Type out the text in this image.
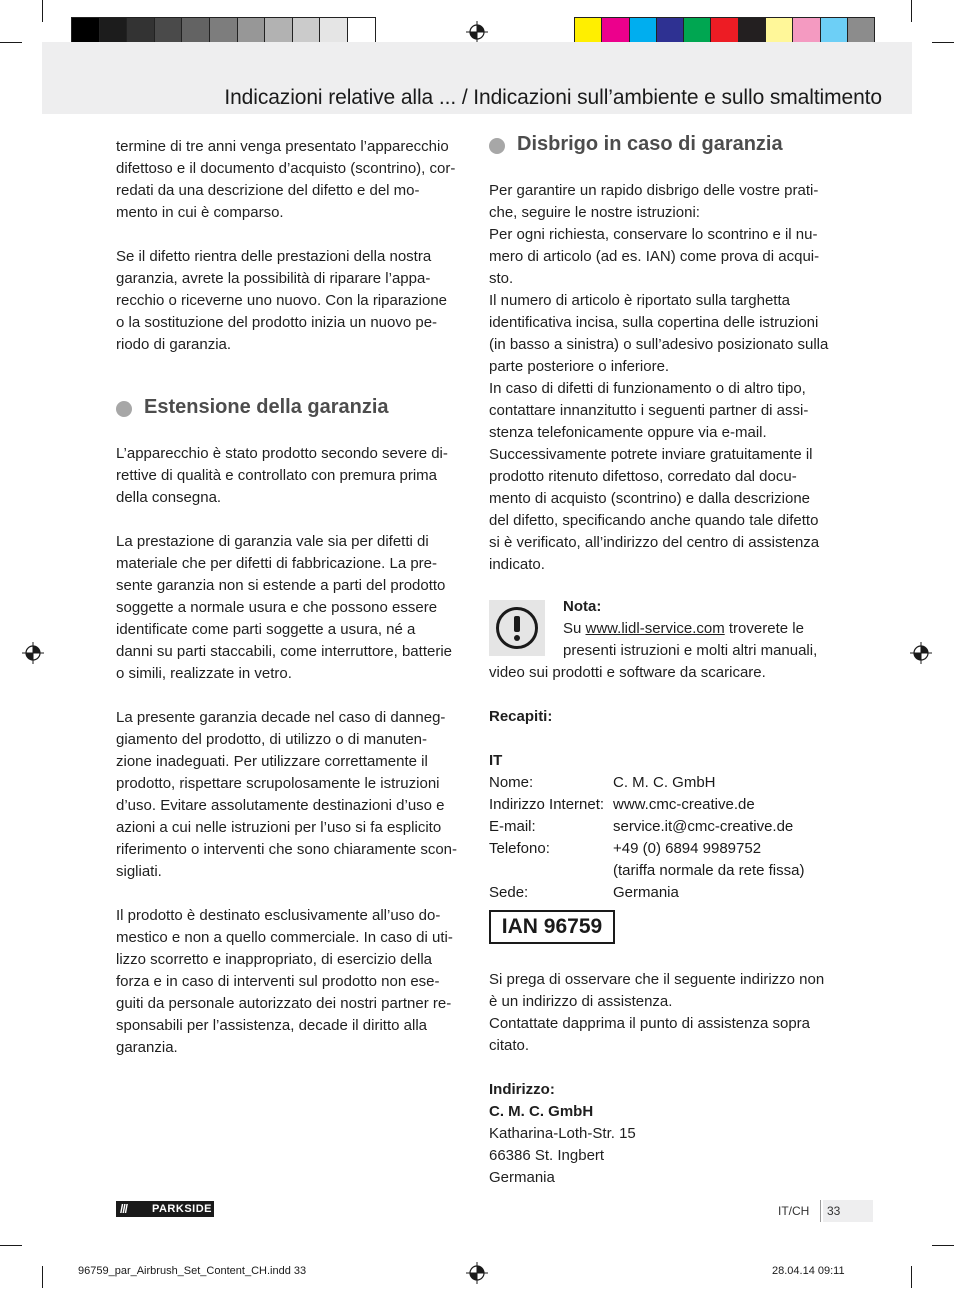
Indicazioni relative alla ... / Indicazioni sull’ambiente e sullo smaltimento

termine di tre anni venga presentato l’apparecchio

difettoso e il documento d’acquisto (scontrino), cor-

redati da una descrizione del difetto e del mo-

mento in cui è comparso.

Se il difetto rientra delle prestazioni della nostra

garanzia, avrete la possibilità di riparare l’appa-

recchio o riceverne uno nuovo. Con la riparazione

o la sostituzione del prodotto inizia un nuovo pe-

riodo di garanzia.

Estensione della garanzia

L’apparecchio è stato prodotto secondo severe di-

rettive di qualità e controllato con premura prima

della consegna.

La prestazione di garanzia vale sia per difetti di

materiale che per difetti di fabbricazione. La pre-

sente garanzia non si estende a parti del prodotto

soggette a normale usura e che possono essere

identificate come parti soggette a usura, né a

danni su parti staccabili, come interruttore, batterie

o simili, realizzate in vetro.

La presente garanzia decade nel caso di danneg-

giamento del prodotto, di utilizzo o di manuten-

zione inadeguati. Per utilizzare correttamente il

prodotto, rispettare scrupolosamente le istruzioni

d’uso. Evitare assolutamente destinazioni d’uso e

azioni a cui nelle istruzioni per l’uso si fa esplicito

riferimento o interventi che sono chiaramente scon-

sigliati.

Il prodotto è destinato esclusivamente all’uso do-

mestico e non a quello commerciale. In caso di uti-

lizzo scorretto e inappropriato, di esercizio della

forza e in caso di interventi sul prodotto non ese-

guiti da personale autorizzato dei nostri partner re-

sponsabili per l’assistenza, decade il diritto alla

garanzia.

Disbrigo in caso di garanzia

Per garantire un rapido disbrigo delle vostre prati-

che, seguire le nostre istruzioni:

Per ogni richiesta, conservare lo scontrino e il nu-

mero di articolo (ad es. IAN) come prova di acqui-

sto.

Il numero di articolo è riportato sulla targhetta

identificativa incisa, sulla copertina delle istruzioni

(in basso a sinistra) o sull’adesivo posizionato sulla

parte posteriore o inferiore.

In caso di difetti di funzionamento o di altro tipo,

contattare innanzitutto i seguenti partner di assi-

stenza telefonicamente oppure via e-mail.

Successivamente potrete inviare gratuitamente il

prodotto ritenuto difettoso, corredato dal docu-

mento di acquisto (scontrino) e dalla descrizione

del difetto, specificando anche quando tale difetto

si è verificato, all’indirizzo del centro di assistenza

indicato.

Nota:

Su www.lidl-service.com troverete le

presenti istruzioni e molti altri manuali,

video sui prodotti e software da scaricare.

Recapiti:

IT

Nome:	C. M. C. GmbH
Indirizzo Internet: www.cmc-creative.de
E-mail:	service.it@cmc-creative.de
Telefono:	+49 (0) 6894 9989752
(tariffa normale da rete fissa)
Sede:	Germania
IAN 96759

Si prega di osservare che il seguente indirizzo non

è un indirizzo di assistenza.

Contattate dapprima il punto di assistenza sopra

citato.

Indirizzo:

C. M. C. GmbH

Katharina-Loth-Str. 15

66386 St. Ingbert

Germania

/// PARKSIDE	IT/CH	33
96759_par_Airbrush_Set_Content_CH.indd 33	28.04.14 09:11
